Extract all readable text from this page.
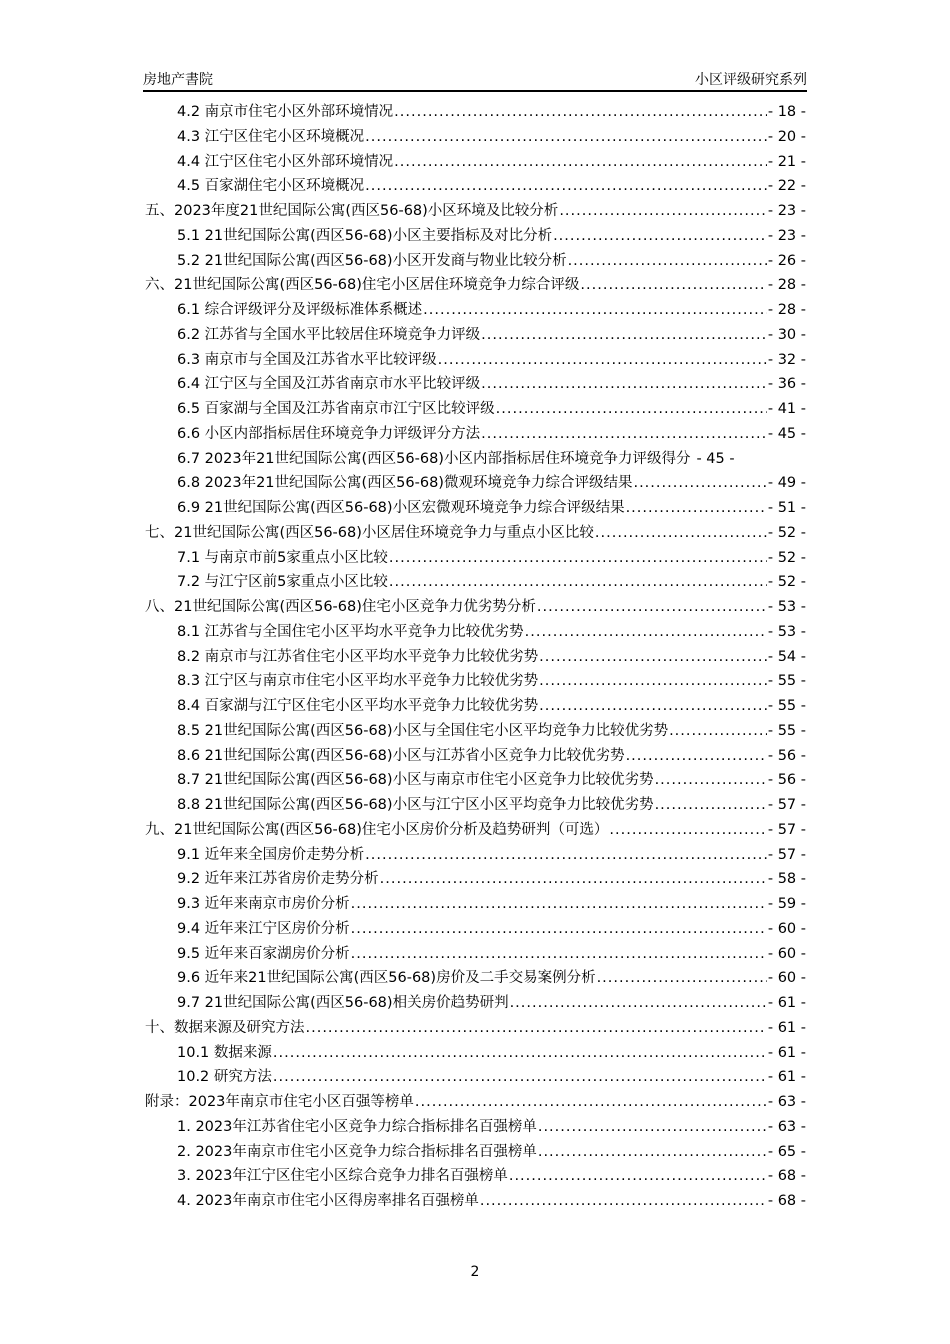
房地产書院	小区评级研究系列
4.2 南京市住宅小区外部环境情况 .....	- 18 -
4.3 江宁区住宅小区环境概况 .....	- 20 -
4.4 江宁区住宅小区外部环境情况 .....	- 21 -
4.5 百家湖住宅小区环境概况 .....	- 22 -
五、2023年度21世纪国际公寓(西区56-68)小区环境及比较分析 .....	- 23 -
5.1 21世纪国际公寓(西区56-68)小区主要指标及对比分析 .....	- 23 -
5.2 21世纪国际公寓(西区56-68)小区开发商与物业比较分析 .....	- 26 -
六、21世纪国际公寓(西区56-68)住宅小区居住环境竞争力综合评级 .....	- 28 -
6.1 综合评级评分及评级标准体系概述 .....	- 28 -
6.2 江苏省与全国水平比较居住环境竞争力评级 .....	- 30 -
6.3 南京市与全国及江苏省水平比较评级 .....	- 32 -
6.4 江宁区与全国及江苏省南京市水平比较评级 .....	- 36 -
6.5 百家湖与全国及江苏省南京市江宁区比较评级 .....	- 41 -
6.6 小区内部指标居住环境竞争力评级评分方法 .....	- 45 -
6.7 2023年21世纪国际公寓(西区56-68)小区内部指标居住环境竞争力评级得分 - 45 -
6.8 2023年21世纪国际公寓(西区56-68)微观环境竞争力综合评级结果 .....	- 49 -
6.9 21世纪国际公寓(西区56-68)小区宏微观环境竞争力综合评级结果 .....	- 51 -
七、21世纪国际公寓(西区56-68)小区居住环境竞争力与重点小区比较 .....	- 52 -
7.1 与南京市前5家重点小区比较 .....	- 52 -
7.2 与江宁区前5家重点小区比较 .....	- 52 -
八、21世纪国际公寓(西区56-68)住宅小区竞争力优劣势分析 .....	- 53 -
8.1 江苏省与全国住宅小区平均水平竞争力比较优劣势 .....	- 53 -
8.2 南京市与江苏省住宅小区平均水平竞争力比较优劣势 .....	- 54 -
8.3 江宁区与南京市住宅小区平均水平竞争力比较优劣势 .....	- 55 -
8.4 百家湖与江宁区住宅小区平均水平竞争力比较优劣势 .....	- 55 -
8.5 21世纪国际公寓(西区56-68)小区与全国住宅小区平均竞争力比较优劣势 .....	- 55 -
8.6 21世纪国际公寓(西区56-68)小区与江苏省小区竞争力比较优劣势 .....	- 56 -
8.7 21世纪国际公寓(西区56-68)小区与南京市住宅小区竞争力比较优劣势 .....	- 56 -
8.8 21世纪国际公寓(西区56-68)小区与江宁区小区平均竞争力比较优劣势 .....	- 57 -
九、21世纪国际公寓(西区56-68)住宅小区房价分析及趋势研判（可选） .....	- 57 -
9.1 近年来全国房价走势分析 .....	- 57 -
9.2 近年来江苏省房价走势分析 .....	- 58 -
9.3 近年来南京市房价分析 .....	- 59 -
9.4 近年来江宁区房价分析 .....	- 60 -
9.5 近年来百家湖房价分析 .....	- 60 -
9.6 近年来21世纪国际公寓(西区56-68)房价及二手交易案例分析 .....	- 60 -
9.7 21世纪国际公寓(西区56-68)相关房价趋势研判 .....	- 61 -
十、数据来源及研究方法 .....	- 61 -
10.1 数据来源 .....	- 61 -
10.2 研究方法 .....	- 61 -
附录：2023年南京市住宅小区百强等榜单 .....	- 63 -
1. 2023年江苏省住宅小区竞争力综合指标排名百强榜单 .....	- 63 -
2. 2023年南京市住宅小区竞争力综合指标排名百强榜单 .....	- 65 -
3. 2023年江宁区住宅小区综合竞争力排名百强榜单 .....	- 68 -
4. 2023年南京市住宅小区得房率排名百强榜单 .....	- 68 -
2
